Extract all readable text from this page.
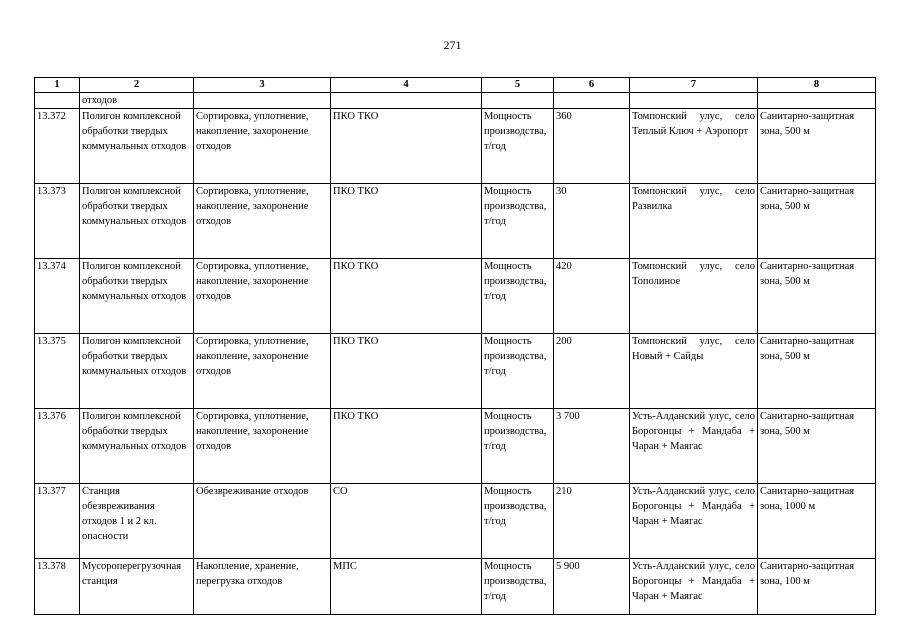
271
1	2	3	4	5	6	7	8
	отходов						
13.372	Полигон комплексной обработки твердых коммунальных отходов	Сортировка, уплотнение, накопление, захоронение отходов	ПКО ТКО	Мощность производства, т/год	360	Томпонский улус, село Теплый Ключ + Аэропорт	Санитарно-защитная зона, 500 м
13.373	Полигон комплексной обработки твердых коммунальных отходов	Сортировка, уплотнение, накопление, захоронение отходов	ПКО ТКО	Мощность производства, т/год	30	Томпонский улус, село Развилка	Санитарно-защитная зона, 500 м
13.374	Полигон комплексной обработки твердых коммунальных отходов	Сортировка, уплотнение, накопление, захоронение отходов	ПКО ТКО	Мощность производства, т/год	420	Томпонский улус, село Тополиное	Санитарно-защитная зона, 500 м
13.375	Полигон комплексной обработки твердых коммунальных отходов	Сортировка, уплотнение, накопление, захоронение отходов	ПКО ТКО	Мощность производства, т/год	200	Томпонский улус, село Новый + Сайды	Санитарно-защитная зона, 500 м
13.376	Полигон комплексной обработки твердых коммунальных отходов	Сортировка, уплотнение, накопление, захоронение отходов	ПКО ТКО	Мощность производства, т/год	3 700	Усть-Алданский улус, село Борогонцы + Мандаба + Чаран + Маягас	Санитарно-защитная зона, 500 м
13.377	Станция обезвреживания отходов 1 и 2 кл. опасности	Обезвреживание отходов	СО	Мощность производства, т/год	210	Усть-Алданский улус, село Борогонцы + Мандаба + Чаран + Маягас	Санитарно-защитная зона, 1000 м
13.378	Мусороперегрузочная станция	Накопление, хранение, перегрузка отходов	МПС	Мощность производства, т/год	5 900	Усть-Алданский улус, село Борогонцы + Мандаба + Чаран + Маягас	Санитарно-защитная зона, 100 м
